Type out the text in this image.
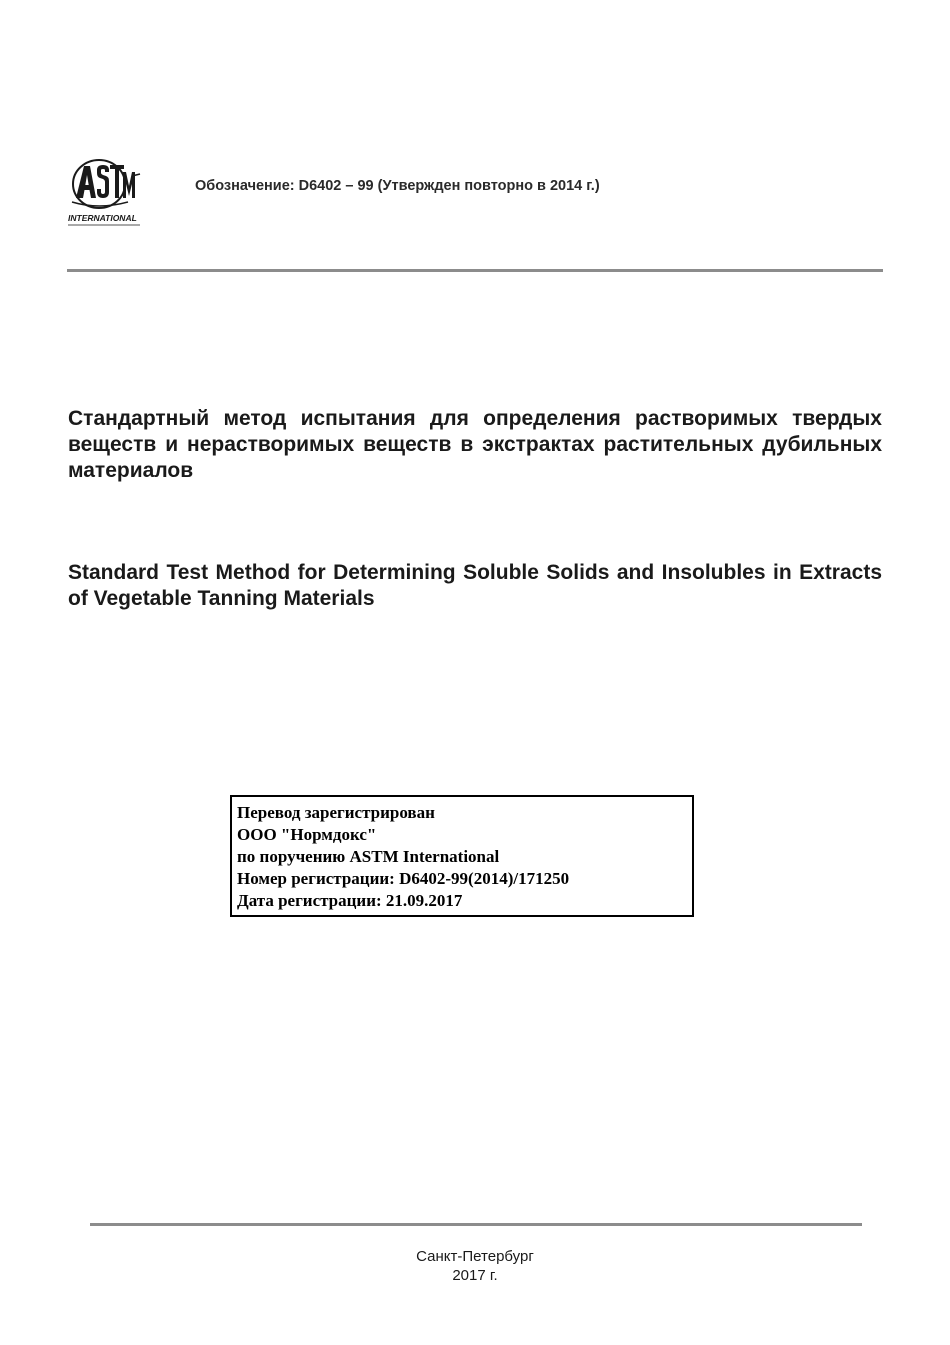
INTERNATIONAL
Обозначение: D6402 – 99 (Утвержден повторно в 2014 г.)
Стандартный метод испытания для определения растворимых твердых веществ и нерастворимых веществ в экстрактах растительных дубильных материалов
Standard Test Method for Determining Soluble Solids and Insolubles in Extracts of Vegetable Tanning Materials
Перевод зарегистрирован
ООО "Нормдокс"
по поручению ASTM International
Номер регистрации: D6402-99(2014)/171250
Дата регистрации: 21.09.2017
Санкт-Петербург
2017 г.
